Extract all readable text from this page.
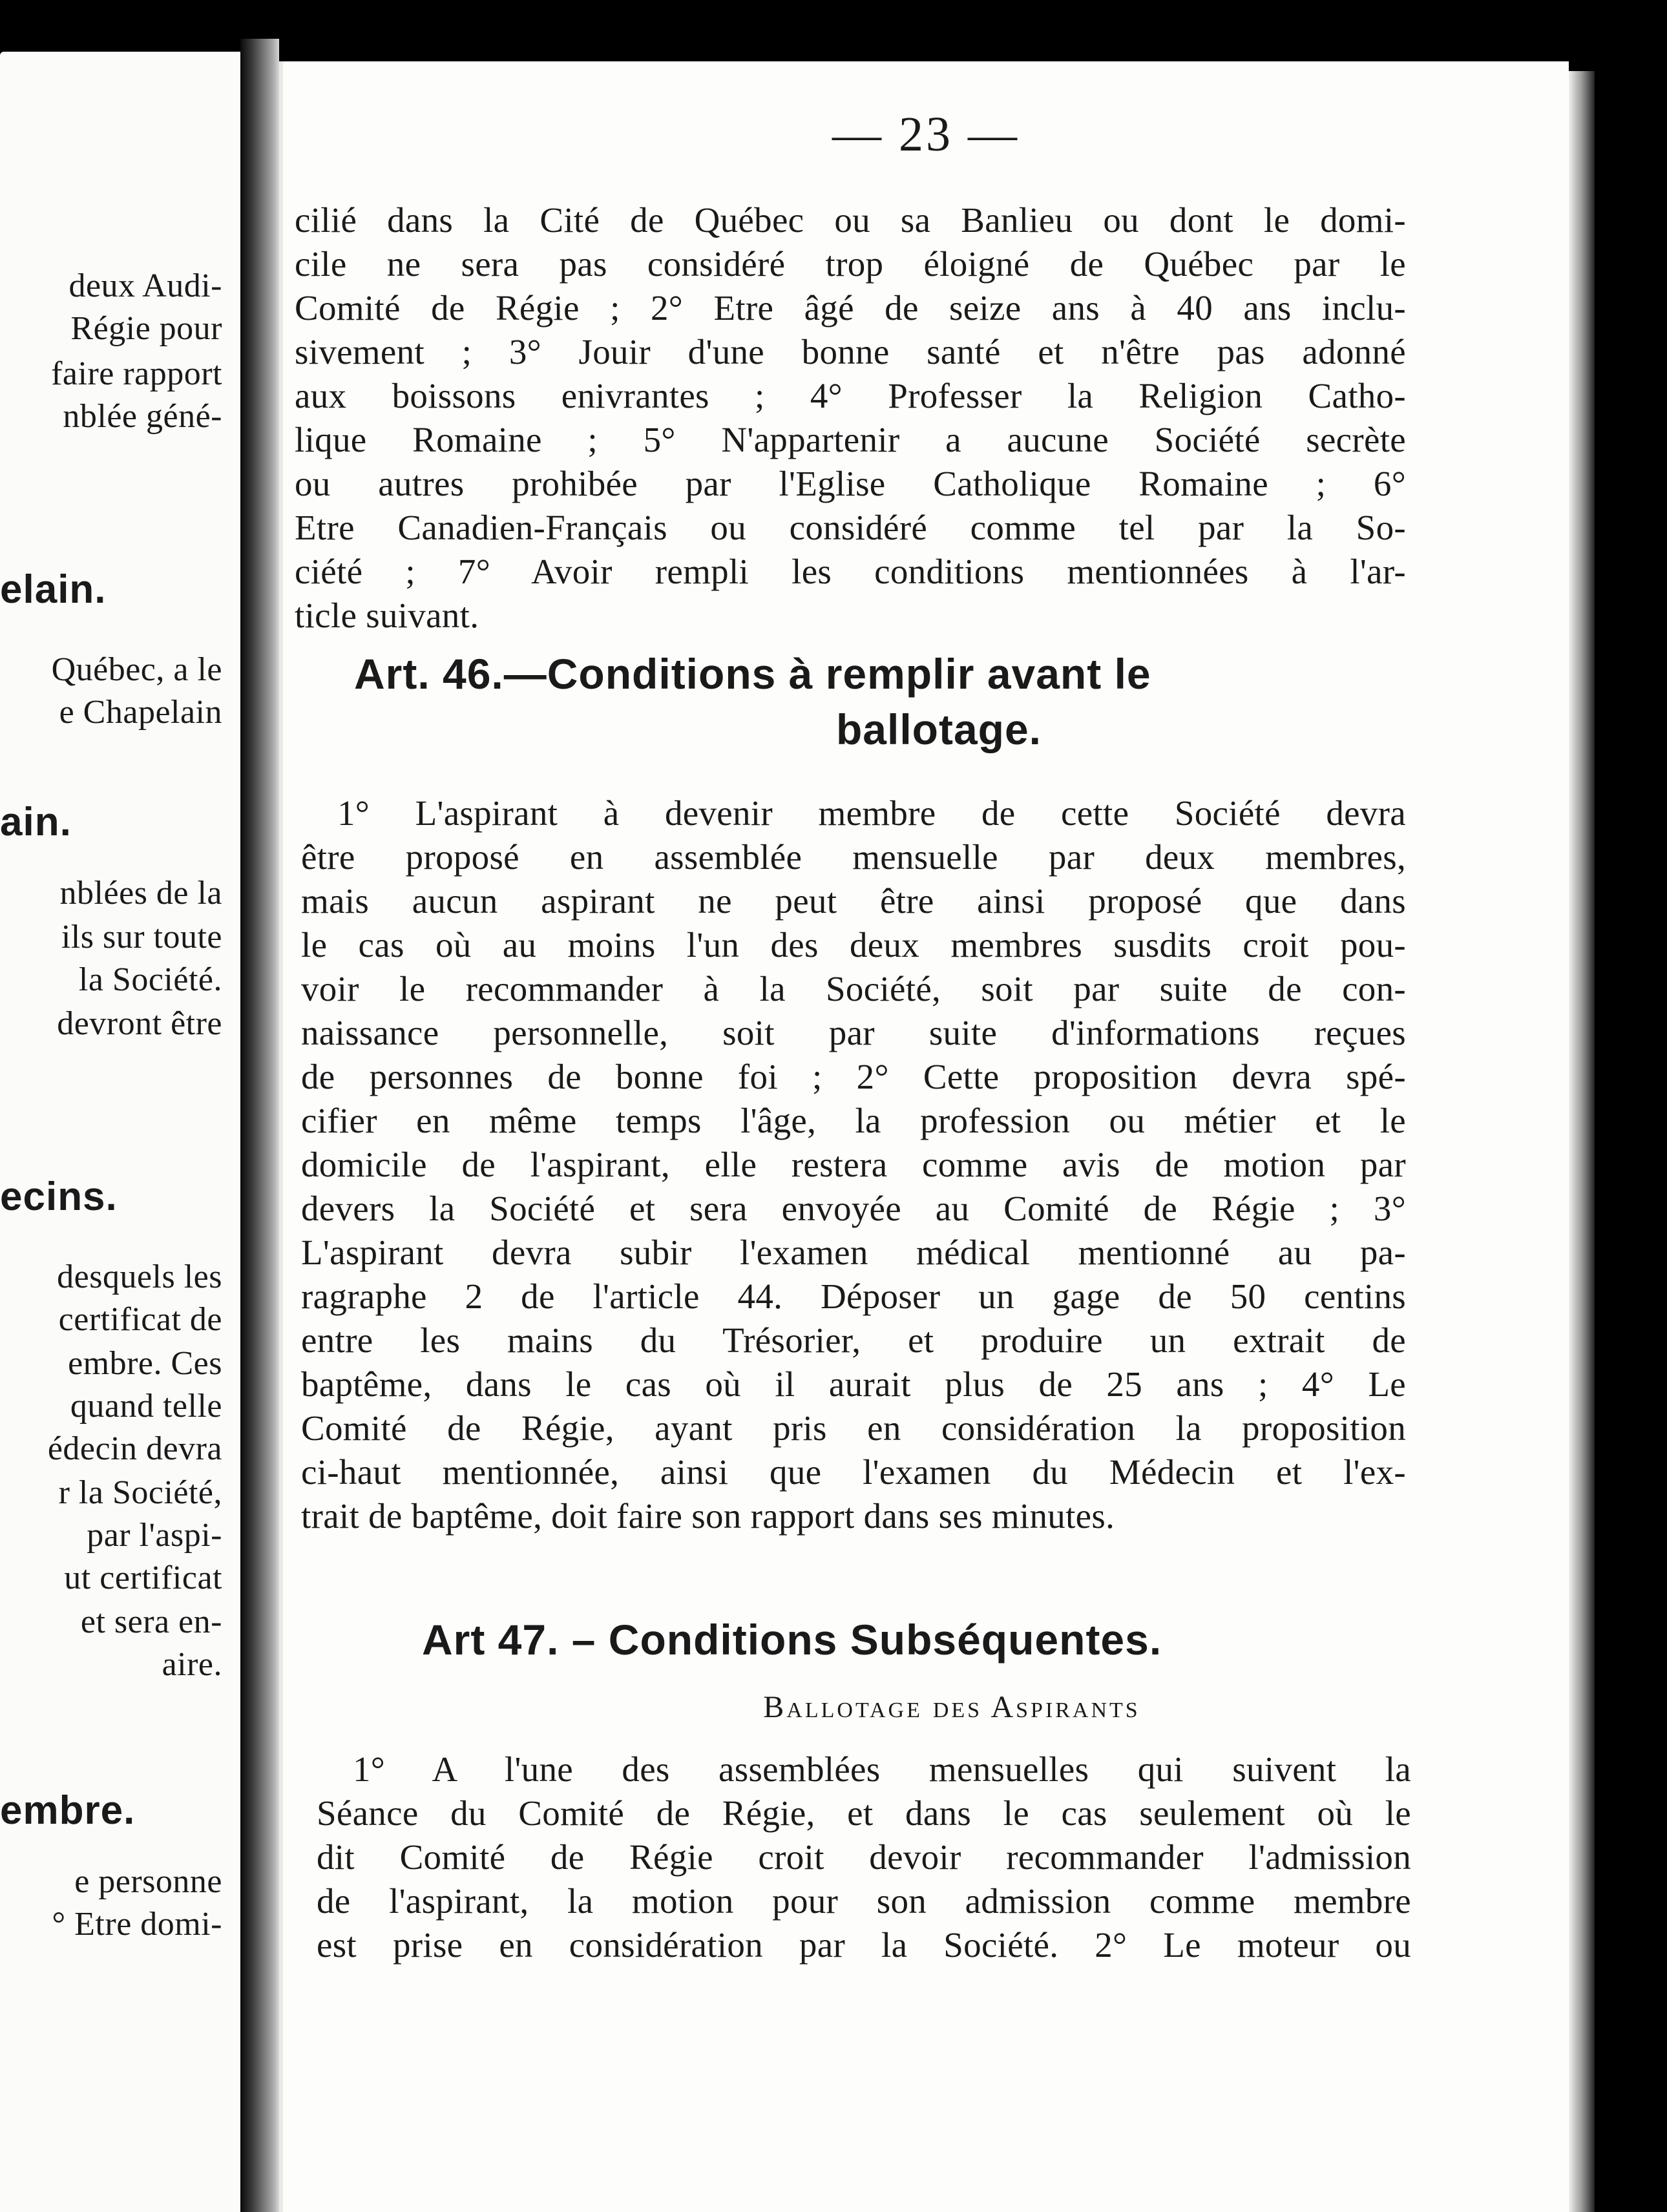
deux Audi-
Régie pour
faire rapport
nblée géné-
elain.
Québec, a le
e Chapelain
ain.
nblées de la
ils sur toute
la Société.
devront être
ecins.
desquels les
certificat de
embre. Ces
quand telle
édecin devra
r la Société,
par l'aspi-
ut certificat
et sera en-
aire.
embre.
e personne
° Etre domi-
— 23 —
cilié dans la Cité de Québec ou sa Banlieu ou dont le domi-
cile ne sera pas considéré trop éloigné de Québec par le
Comité de Régie ; 2° Etre âgé de seize ans à 40 ans inclu-
sivement ; 3° Jouir d'une bonne santé et n'être pas adonné
aux boissons enivrantes ; 4° Professer la Religion Catho-
lique Romaine ; 5° N'appartenir a aucune Société secrète
ou autres prohibée par l'Eglise Catholique Romaine ; 6°
Etre Canadien-Français ou considéré comme tel par la So-
ciété ; 7° Avoir rempli les conditions mentionnées à l'ar-
ticle suivant.
Art. 46.—Conditions à remplir avant le
ballotage.
1° L'aspirant à devenir membre de cette Société devra
être proposé en assemblée mensuelle par deux membres,
mais aucun aspirant ne peut être ainsi proposé que dans
le cas où au moins l'un des deux membres susdits croit pou-
voir le recommander à la Société, soit par suite de con-
naissance personnelle, soit par suite d'informations reçues
de personnes de bonne foi ; 2° Cette proposition devra spé-
cifier en même temps l'âge, la profession ou métier et le
domicile de l'aspirant, elle restera comme avis de motion par
devers la Société et sera envoyée au Comité de Régie ; 3°
L'aspirant devra subir l'examen médical mentionné au pa-
ragraphe 2 de l'article 44. Déposer un gage de 50 centins
entre les mains du Trésorier, et produire un extrait de
baptême, dans le cas où il aurait plus de 25 ans ; 4° Le
Comité de Régie, ayant pris en considération la proposition
ci-haut mentionnée, ainsi que l'examen du Médecin et l'ex-
trait de baptême, doit faire son rapport dans ses minutes.
Art 47. – Conditions Subséquentes.
Ballotage des Aspirants
1° A l'une des assemblées mensuelles qui suivent la
Séance du Comité de Régie, et dans le cas seulement où le
dit Comité de Régie croit devoir recommander l'admission
de l'aspirant, la motion pour son admission comme membre
est prise en considération par la Société. 2° Le moteur ou
